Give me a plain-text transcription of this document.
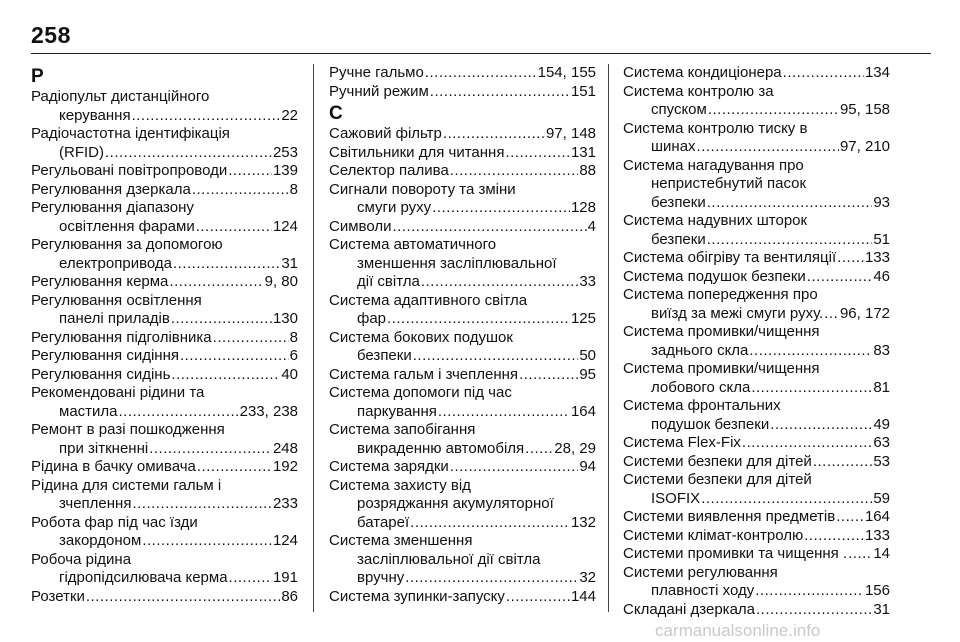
258
Р
Радіопульт дистанційного
керування .....	22
Радіочастотна ідентифікація
(RFID) .....	253
Регульовані повітропроводи .....	139
Регулювання дзеркала .....	8
Регулювання діапазону
освітлення фарами .....	124
Регулювання за допомогою
електропривода .....	31
Регулювання керма .....	9, 80
Регулювання освітлення
панелі приладів .....	130
Регулювання підголівника .....	8
Регулювання сидіння .....	6
Регулювання сидінь .....	40
Рекомендовані рідини та
мастила .....	233, 238
Ремонт в разі пошкодження
при зіткненні .....	248
Рідина в бачку омивача .....	192
Рідина для системи гальм і
зчеплення .....	233
Робота фар під час їзди
закордоном .....	124
Робоча рідина
гідропідсилювача керма .....	191
Розетки .....	86
Ручне гальмо .....	154, 155
Ручний режим .....	151
С
Сажовий фільтр .....	97, 148
Світильники для читання .....	131
Селектор палива .....	88
Сигнали повороту та зміни
смуги руху .....	128
Символи .....	4
Система автоматичного
зменшення засліплювальної
дії світла .....	33
Система адаптивного світла
фар .....	125
Система бокових подушок
безпеки .....	50
Система гальм і зчеплення .....	95
Система допомоги під час
паркування .....	164
Система запобігання
викраденню автомобіля ..... 28, 29
Система зарядки .....	94
Система захисту від
розряджання акумуляторної
батареї .....	132
Система зменшення
засліплювальної дії світла
вручну .....	32
Система зупинки-запуску .....	144
Система кондиціонера .....	134
Система контролю за
спуском .....	95, 158
Система контролю тиску в
шинах .....	97, 210
Система нагадування про
непристебнутий пасок
безпеки .....	93
Система надувних шторок
безпеки .....	51
Система обігріву та вентиляції ..... 133
Система подушок безпеки .....	46
Система попередження про
виїзд за межі смуги руху. ..... 96, 172
Система промивки/чищення
заднього скла .....	83
Система промивки/чищення
лобового скла .....	81
Система фронтальних
подушок безпеки .....	49
Система Flex-Fix .....	63
Системи безпеки для дітей .....	53
Системи безпеки для дітей
ISOFIX .....	59
Системи виявлення предметів ..... 164
Системи клімат-контролю .....	133
Системи промивки та чищення . ..... 14
Системи регулювання
плавності ходу .....	156
Складані дзеркала .....	31
carmanualsonline.info
